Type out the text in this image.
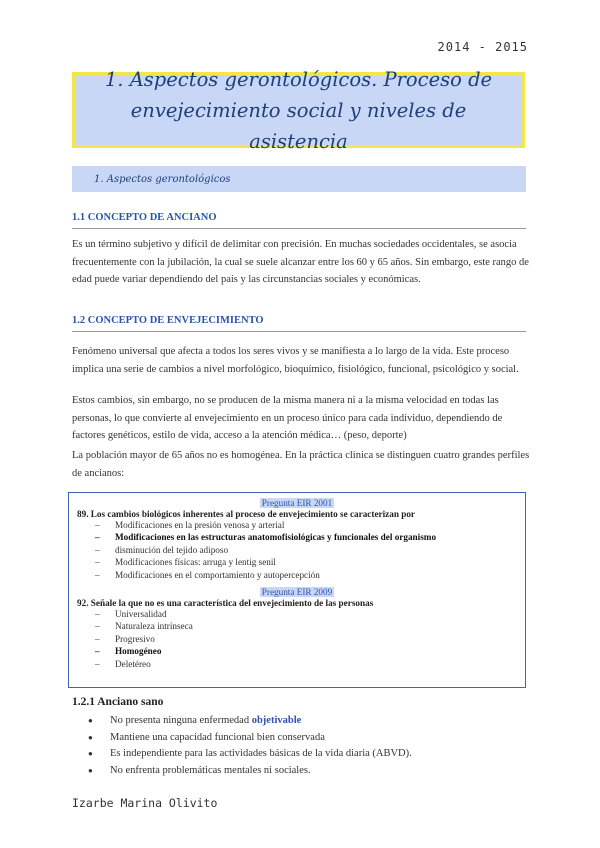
2014 - 2015
1. Aspectos gerontológicos. Proceso de envejecimiento social y niveles de asistencia
1. Aspectos gerontológicos
1.1 CONCEPTO DE ANCIANO
Es un término subjetivo y difícil de delimitar con precisión. En muchas sociedades occidentales, se asocia frecuentemente con la jubilación, la cual se suele alcanzar entre los 60 y 65 años. Sin embargo, este rango de edad puede variar dependiendo del país y las circunstancias sociales y económicas.
1.2 CONCEPTO DE ENVEJECIMIENTO
Fenómeno universal que afecta a todos los seres vivos y se manifiesta a lo largo de la vida. Este proceso implica una serie de cambios a nivel morfológico, bioquímico, fisiológico, funcional, psicológico y social.
Estos cambios, sin embargo, no se producen de la misma manera ni a la misma velocidad en todas las personas, lo que convierte al envejecimiento en un proceso único para cada individuo, dependiendo de factores genéticos, estilo de vida, acceso a la atención médica… (peso, deporte)
La población mayor de 65 años no es homogénea. En la práctica clínica se distinguen cuatro grandes perfiles de ancianos:
Pregunta EIR 2001
89. Los cambios biológicos inherentes al proceso de envejecimiento se caracterizan por
– Modificaciones en la presión venosa y arterial
– Modificaciones en las estructuras anatomofisiológicas y funcionales del organismo
– disminución del tejido adiposo
– Modificaciones físicas: arruga y lentig senil
– Modificaciones en el comportamiento y autopercepción
Pregunta EIR 2009
92. Señale la que no es una característica del envejecimiento de las personas
– Universalidad
– Naturaleza intrínseca
– Progresivo
– Homogéneo
– Deletéreo
1.2.1 Anciano sano
● No presenta ninguna enfermedad objetivable
● Mantiene una capacidad funcional bien conservada
● Es independiente para las actividades básicas de la vida diaria (ABVD).
● No enfrenta problemáticas mentales ni sociales.
Izarbe Marina Olivito
